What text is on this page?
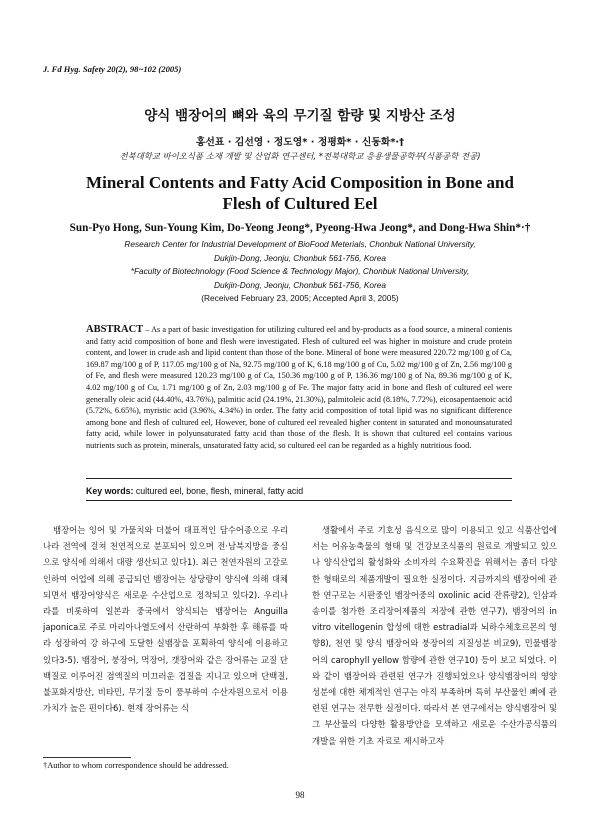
J. Fd Hyg. Safety 20(2), 98~102 (2005)
양식 뱀장어의 뼈와 육의 무기질 함량 및 지방산 조성
홍선표 · 김선영 · 정도영* · 정평화* · 신동화*·†
전북대학교 바이오식품 소재 개발 및 산업화 연구센터, *전북대학교 응용생물공학부(식품공학 전공)
Mineral Contents and Fatty Acid Composition in Bone and
Flesh of Cultured Eel
Sun-Pyo Hong, Sun-Young Kim, Do-Yeong Jeong*, Pyeong-Hwa Jeong*, and Dong-Hwa Shin*·†
Research Center for Industrial Development of BioFood Meterials, Chonbuk National University,
Dukjin-Dong, Jeonju, Chonbuk 561-756, Korea
*Faculty of Biotechnology (Food Science & Technology Major), Chonbuk National University,
Dukjin-Dong, Jeonju, Chonbuk 561-756, Korea
(Received February 23, 2005; Accepted April 3, 2005)
ABSTRACT – As a part of basic investigation for utilizing cultured eel and by-products as a food source, a mineral contents and fatty acid composition of bone and flesh were investigated. Flesh of cultured eel was higher in moisture and crude protein content, and lower in crude ash and lipid content than those of the bone. Mineral of bone were measured 220.72 mg/100 g of Ca, 169.87 mg/100 g of P, 117.05 mg/100 g of Na, 92.75 mg/100 g of K, 6.18 mg/100 g of Cu, 5.02 mg/100 g of Zn, 2.56 mg/100 g of Fe, and flesh were measured 120.23 mg/100 g of Ca, 150.36 mg/100 g of P, 136.36 mg/100 g of Na, 89.36 mg/100 g of K, 4.02 mg/100 g of Cu, 1.71 mg/100 g of Zn, 2.03 mg/100 g of Fe. The major fatty acid in bone and flesh of cultured eel were generally oleic acid (44.40%, 43.76%), palmitic acid (24.19%, 21.30%), palmitoleic acid (8.18%, 7.72%), eicosapentaenoic acid (5.72%, 6.65%), myristic acid (3.96%, 4.34%) in order. The fatty acid composition of total lipid was no significant difference among bone and flesh of cultured eel, However, bone of cultured eel revealed higher content in saturated and monounsaturated fatty acid, while lower in polyunsaturated fatty acid than those of the flesh. It is shown that cultured eel contains various nutrients such as protein, minerals, unsaturated fatty acid, so cultured eel can be regarded as a highly nutritious food.
Key words: cultured eel, bone, flesh, mineral, fatty acid
뱀장어는 잉어 및 가물치와 더불어 대표적인 담수어종으로 우리나라 전역에 걸쳐 천연적으로 분포되어 있으며 전·남북지방을 중심으로 양식에 의해서 대량 생산되고 있다1). 최근 천연자원의 고갈로 인하여 어업에 의해 공급되던 뱀장어는 상당량이 양식에 의해 대체되면서 뱀장어양식은 새로운 수산업으로 정착되고 있다2). 우리나라를 비롯하여 일본과 중국에서 양식되는 뱀장어는 Anguilla japonica로 주로 마리아나열도에서 산란하여 부화한 후 해류를 따라 성장하여 강 하구에 도달한 실뱀장을 포획하여 양식에 이용하고 있다3-5). 뱀장어, 붕장어, 먹장어, 갯장어와 같은 장어류는 교질 단백질로 이루어진 점액질의 미끄러운 겹질을 지니고 있으며 단백질, 불포화지방산, 비타민, 무기질 등이 풍부하여 수산자원으로서 이용가치가 높은 편이다6). 현재 장어류는 식
생활에서 주로 기호성 음식으로 많이 이용되고 있고 식품산업에서는 어유농축물의 형태 및 건강보조식품의 원료로 개발되고 있으나 양식산업의 활성화와 소비자의 수요확진을 위해서는 좀더 다양한 형태로의 제품개발이 필요한 실정이다. 지금까지의 뱀장어에 관한 연구로는 시판중인 뱀장어중의 oxolinic acid 잔류량2), 인삼과 송이를 첨가한 조리장어제품의 저장에 관한 연구7), 뱀장어의 in vitro vitellogenin 합성에 대한 estradial과 뇌하수체호르몬의 영향8), 천연 및 양식 뱀장어와 붕장어의 지질성분 비교9), 민물뱀장어의 carophyll yellow 함량에 관한 연구10) 등이 보고 되었다. 이와 같이 뱀장어와 관련된 연구가 진행되었으나 양식뱀장어의 영양성분에 대한 체계적인 연구는 아직 부족하며 특히 부산물인 뼈에 관련된 연구는 전무한 실정이다. 따라서 본 연구에서는 양식뱀장어 및 그 부산물의 다양한 활용방안을 모색하고 새로운 수산가공식품의 개발을 위한 기초 자료로 제시하고자
†Author to whom correspondence should be addressed.
98
